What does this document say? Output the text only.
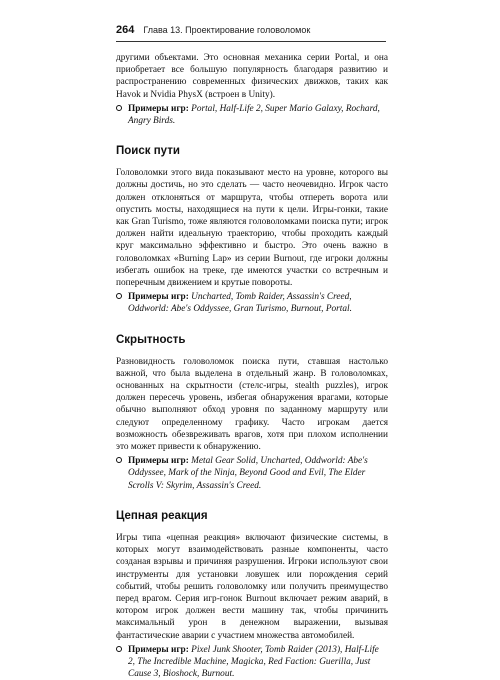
264 Глава 13. Проектирование головоломок

другими объектами. Это основная механика серии Portal, и она приобретает все большую популярность благодаря развитию и распространению современных физических движков, таких как Havok и Nvidia PhysX (встроен в Unity).

Примеры игр: Portal, Half-Life 2, Super Mario Galaxy, Rochard, Angry Birds.
Поиск пути

Головоломки этого вида показывают место на уровне, которого вы должны достичь, но это сделать — часто неочевидно. Игрок часто должен отклоняться от маршрута, чтобы отпереть ворота или опустить мосты, находящиеся на пути к цели. Игры-гонки, такие как Gran Turismo, тоже являются головоломками поиска пути; игрок должен найти идеальную траекторию, чтобы проходить каждый круг максимально эффективно и быстро. Это очень важно в головоломках «Burning Lap» из серии Burnout, где игроки должны избегать ошибок на треке, где имеются участки со встречным и поперечным движением и крутые повороты.

Примеры игр: Uncharted, Tomb Raider, Assassin's Creed, Oddworld: Abe's Oddyssee, Gran Turismo, Burnout, Portal.
Скрытность

Разновидность головоломок поиска пути, ставшая настолько важной, что была выделена в отдельный жанр. В головоломках, основанных на скрытности (стелс-игры, stealth puzzles), игрок должен пересечь уровень, избегая обнаружения врагами, которые обычно выполняют обход уровня по заданному маршруту или следуют определенному графику. Часто игрокам дается возможность обезвреживать врагов, хотя при плохом исполнении это может привести к обнаружению.

Примеры игр: Metal Gear Solid, Uncharted, Oddworld: Abe's Oddyssee, Mark of the Ninja, Beyond Good and Evil, The Elder Scrolls V: Skyrim, Assassin's Creed.
Цепная реакция

Игры типа «цепная реакция» включают физические системы, в которых могут взаимодействовать разные компоненты, часто созданая взрывы и причиняя разрушения. Игроки используют свои инструменты для установки ловушек или порождения серий событий, чтобы решить головоломку или получить преимущество перед врагом. Серия игр-гонок Burnout включает режим аварий, в котором игрок должен вести машину так, чтобы причинить максимальный урон в денежном выражении, вызывая фантастические аварии с участием множества автомобилей.

Примеры игр: Pixel Junk Shooter, Tomb Raider (2013), Half-Life 2, The Incredible Machine, Magicka, Red Faction: Guerilla, Just Cause 3, Bioshock, Burnout.
